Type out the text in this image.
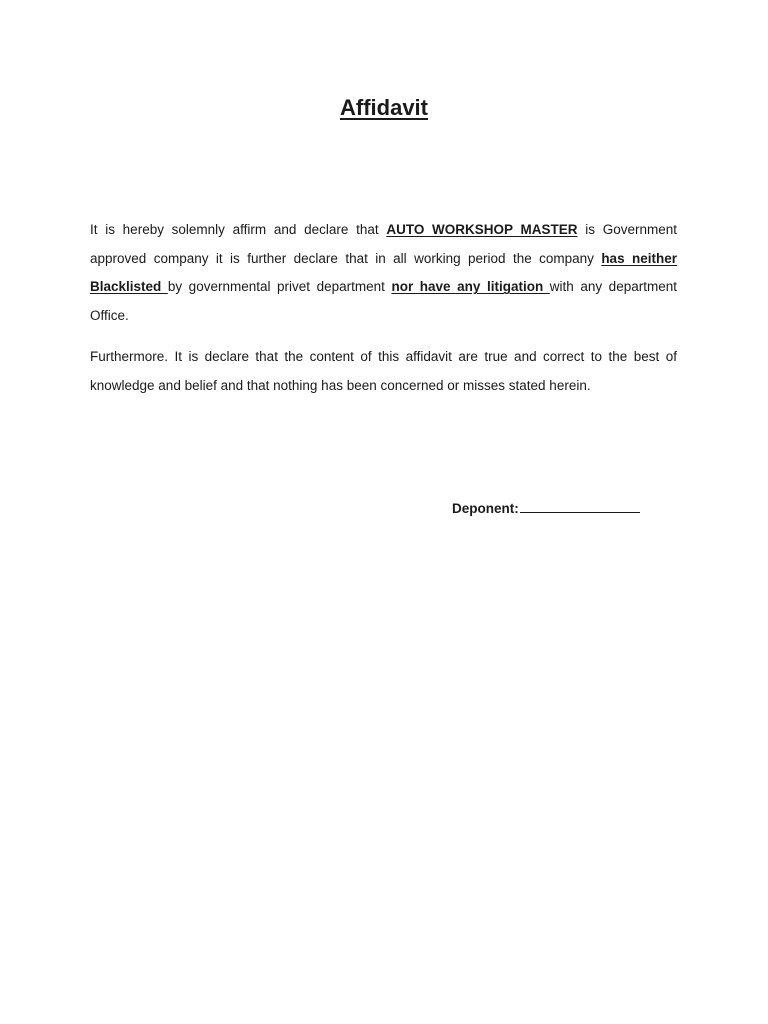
Affidavit

It is hereby solemnly affirm and declare that AUTO WORKSHOP MASTER is Government approved company it is further declare that in all working period the company has neither Blacklisted by governmental privet department nor have any litigation with any department Office.

Furthermore. It is declare that the content of this affidavit are true and correct to the best of knowledge and belief and that nothing has been concerned or misses stated herein.

Deponent:
